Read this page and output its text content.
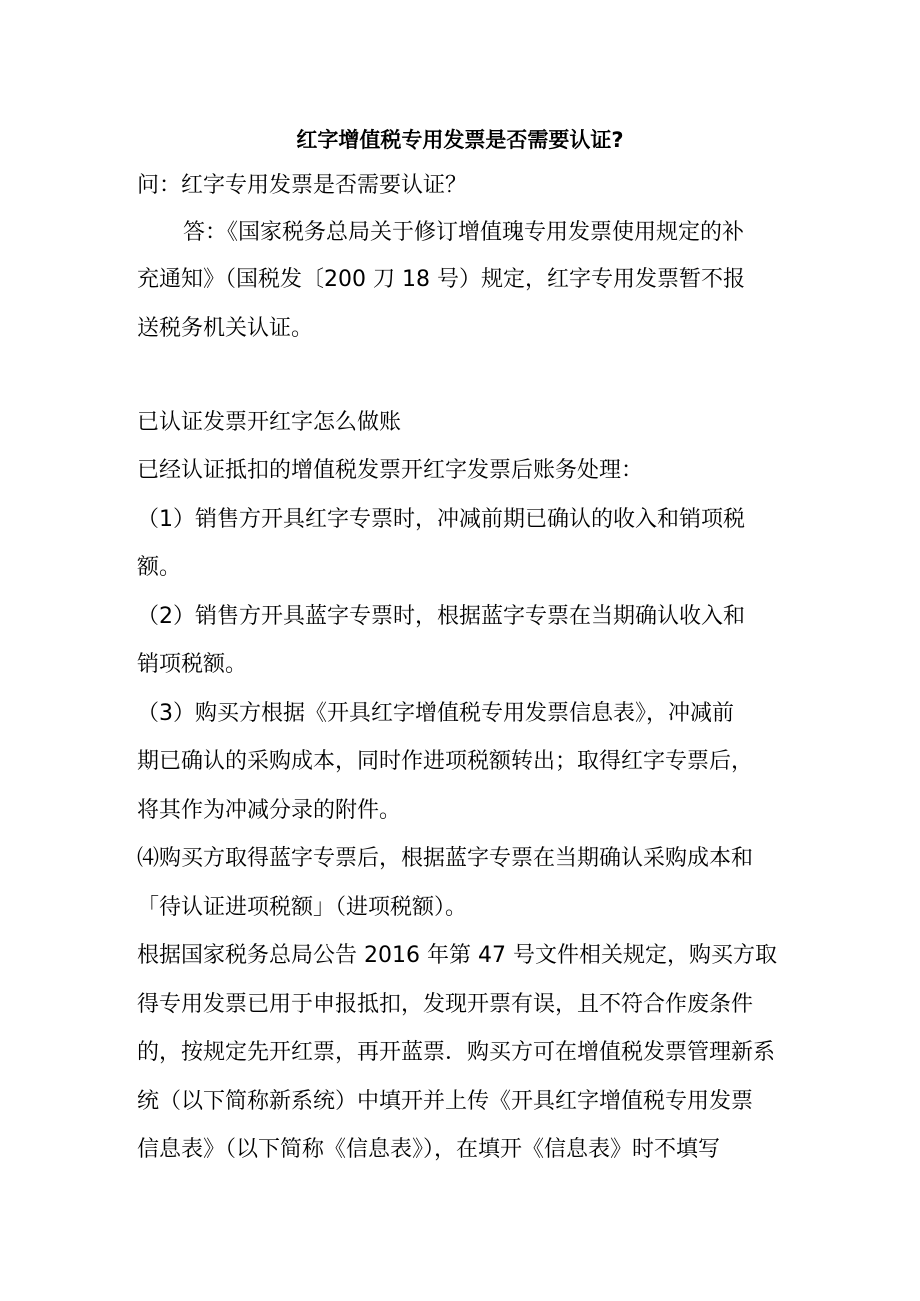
红字增值税专用发票是否需要认证?
问：红字专用发票是否需要认证？
答：《国家税务总局关于修订增值瑰专用发票使用规定的补
充通知》（国税发〔200 刀 18 号）规定，红字专用发票暂不报
送税务机关认证。
已认证发票开红字怎么做账
已经认证抵扣的增值税发票开红字发票后账务处理：
（1）销售方开具红字专票时，冲减前期已确认的收入和销项税
额。
（2）销售方开具蓝字专票时，根据蓝字专票在当期确认收入和
销项税额。
（3）购买方根据《开具红字增值税专用发票信息表》，冲减前
期已确认的采购成本，同时作进项税额转出；取得红字专票后，
将其作为冲减分录的附件。
⑷购买方取得蓝字专票后，根据蓝字专票在当期确认采购成本和
「待认证进项税额」（进项税额）。
根据国家税务总局公告 2016 年第 47 号文件相关规定，购买方取
得专用发票已用于申报抵扣，发现开票有误，且不符合作废条件
的，按规定先开红票，再开蓝票．购买方可在增值税发票管理新系
统（以下简称新系统）中填开并上传《开具红字增值税专用发票
信息表》（以下简称《信息表》），在填开《信息表》时不填写
